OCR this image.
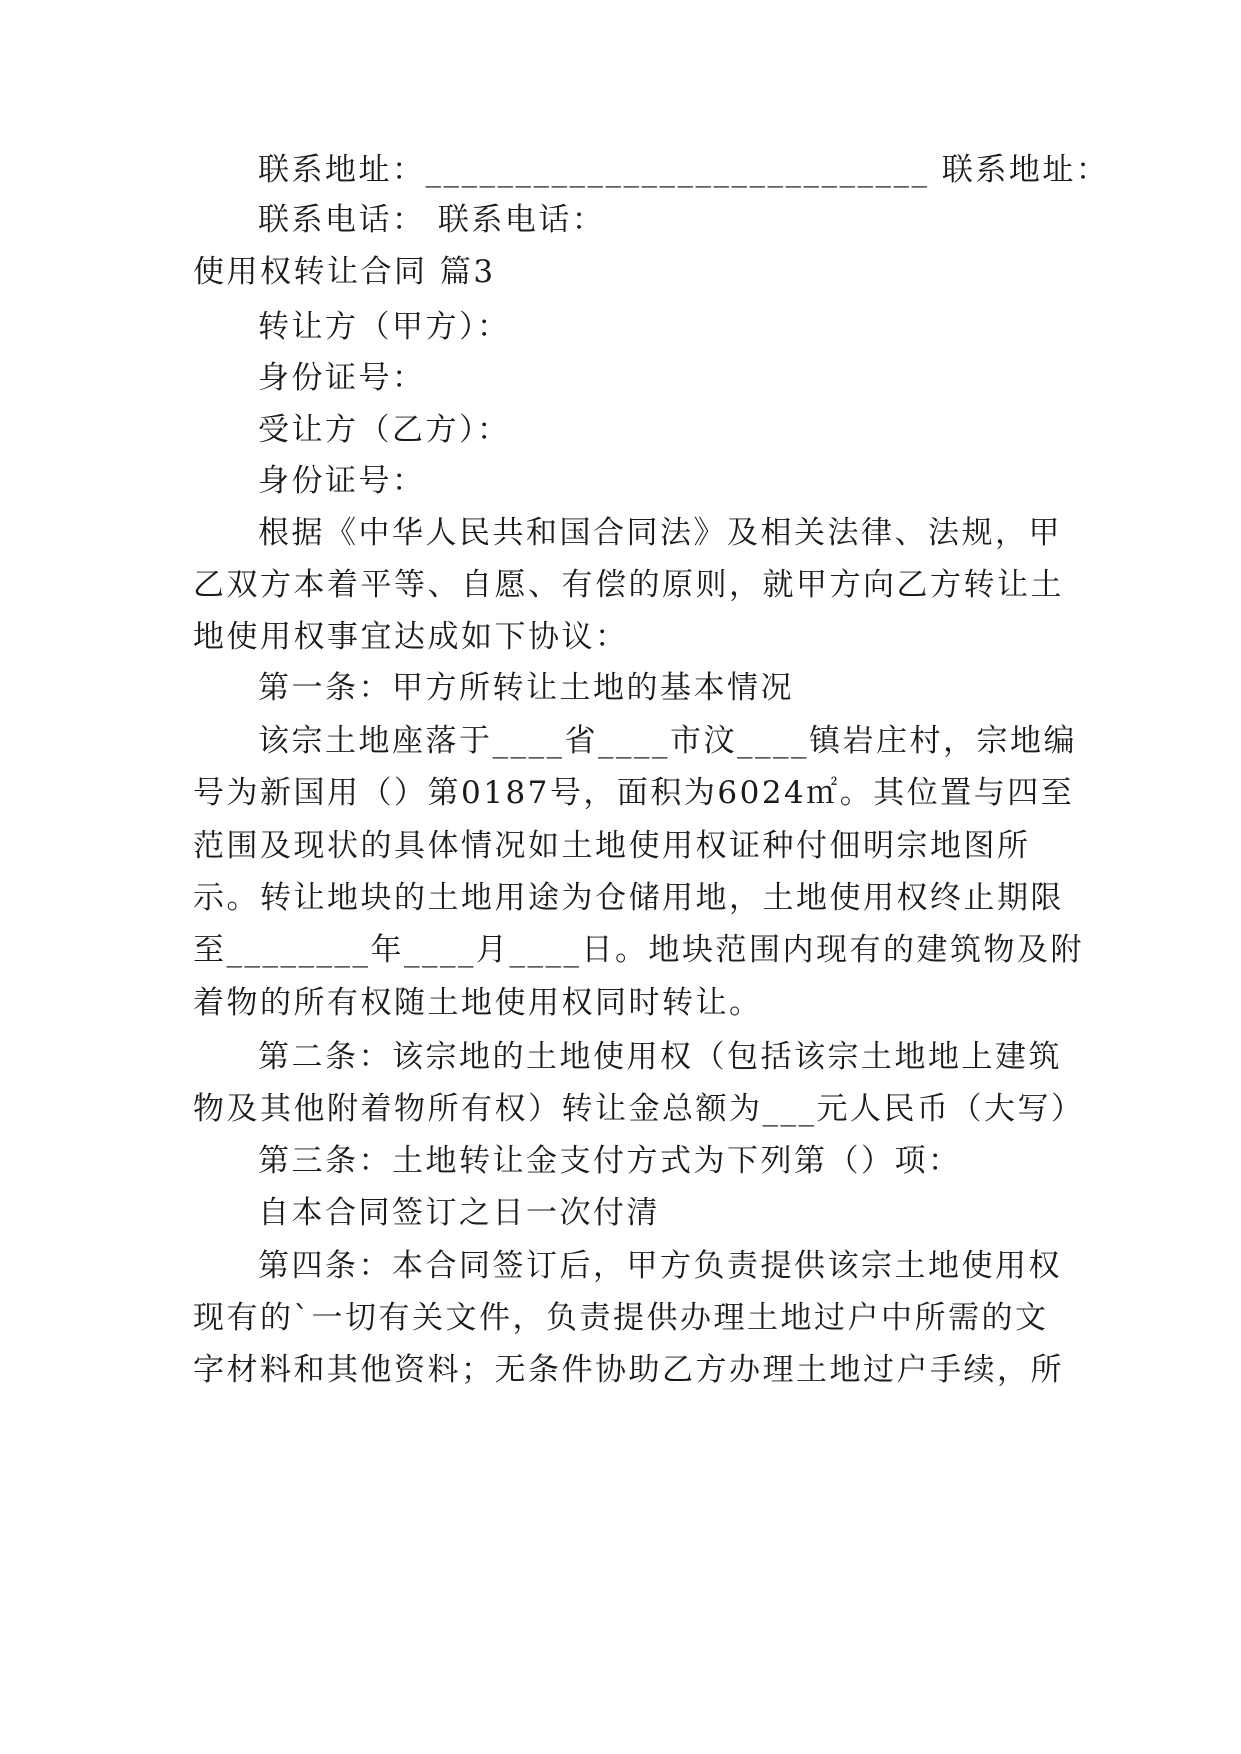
联系地址：____________________________ 联系地址：
联系电话： 联系电话：
使用权转让合同 篇3
转让方（甲方）：
身份证号：
受让方（乙方）：
身份证号：
根据《中华人民共和国合同法》及相关法律、法规，甲
乙双方本着平等、自愿、有偿的原则，就甲方向乙方转让土
地使用权事宜达成如下协议：
第一条：甲方所转让土地的基本情况
该宗土地座落于____省____市汶____镇岩庄村，宗地编
号为新国用（）第0187号，面积为6024㎡。其位置与四至
范围及现状的具体情况如土地使用权证种付佃明宗地图所
示。转让地块的土地用途为仓储用地，土地使用权终止期限
至________年____月____日。地块范围内现有的建筑物及附
着物的所有权随土地使用权同时转让。
第二条：该宗地的土地使用权（包括该宗土地地上建筑
物及其他附着物所有权）转让金总额为___元人民币（大写）
第三条：土地转让金支付方式为下列第（）项：
自本合同签订之日一次付清
第四条：本合同签订后，甲方负责提供该宗土地使用权
现有的`一切有关文件，负责提供办理土地过户中所需的文
字材料和其他资料；无条件协助乙方办理土地过户手续，所
